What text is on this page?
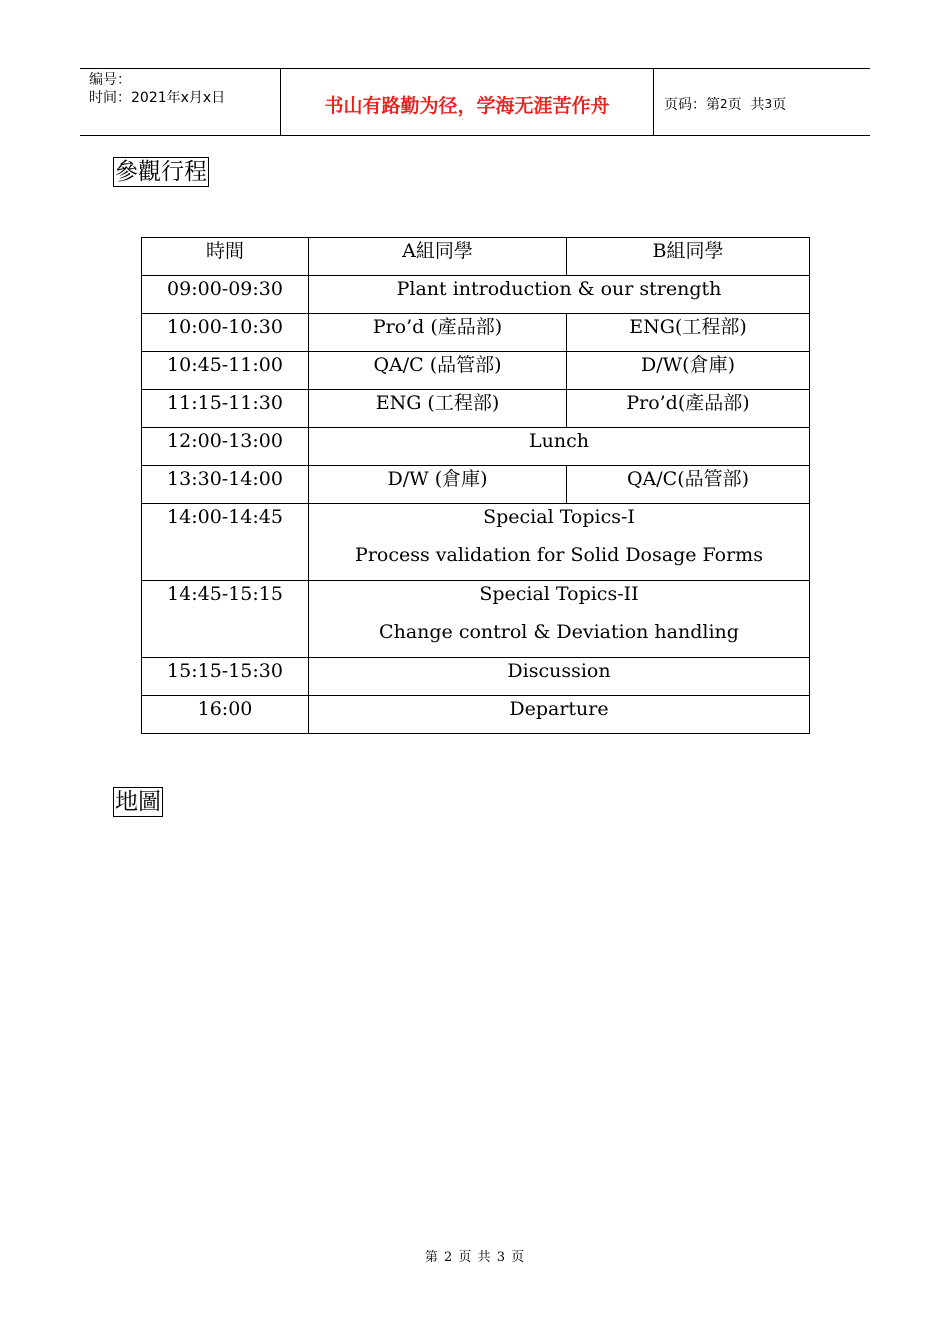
编号：
时间：2021年x月x日	书山有路勤为径，学海无涯苦作舟	页码：第 2 页  共 3 页
參觀行程
時間	A組同學	B組同學
09:00-09:30	Plant introduction & our strength	
10:00-10:30	Pro’d (產品部)	ENG(工程部)
10:45-11:00	QA/C (品管部)	D/W(倉庫)
11:15-11:30	ENG (工程部)	Pro’d(產品部)
12:00-13:00	Lunch	
13:30-14:00	D/W (倉庫)	QA/C(品管部)
14:00-14:45	Special Topics-I
Process validation for Solid Dosage Forms	

14:45-15:15	Special Topics-II
Change control & Deviation handling	

15:15-15:30	Discussion	
16:00	Departure	
地圖
第 2 页 共 3 页
